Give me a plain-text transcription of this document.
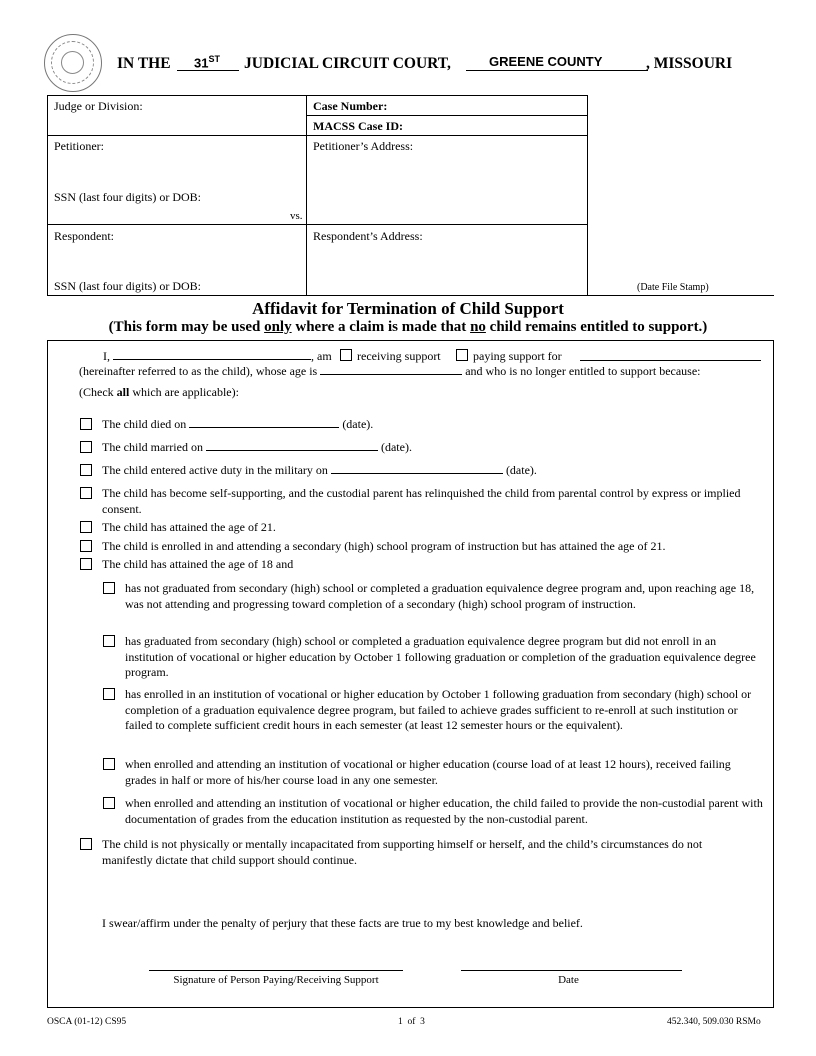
IN THE 31ST JUDICIAL CIRCUIT COURT,	GREENE COUNTY	, MISSOURI
Judge or Division:	Case Number:
MACSS Case ID:
Petitioner:	Petitioner’s Address:
SSN (last four digits) or DOB:
vs.
Respondent:	Respondent’s Address:
SSN (last four digits) or DOB:	(Date File Stamp)
Affidavit for Termination of Child Support
(This form may be used only where a claim is made that no child remains entitled to support.)
I,	, am receiving support	paying support for
(hereinafter referred to as the child), whose age is	and who is no longer entitled to support because:
(Check all which are applicable):
The child died on	(date).
The child married on	(date).
The child entered active duty in the military on	(date).
The child has become self-supporting, and the custodial parent has relinquished the child from parental control by express or implied consent.
The child has attained the age of 21.
The child is enrolled in and attending a secondary (high) school program of instruction but has attained the age of 21.
The child has attained the age of 18 and
has not graduated from secondary (high) school or completed a graduation equivalence degree program and, upon reaching age 18, was not attending and progressing toward completion of a secondary (high) school program of instruction.
has graduated from secondary (high) school or completed a graduation equivalence degree program but did not enroll in an institution of vocational or higher education by October 1 following graduation or completion of the graduation equivalence degree program.
has enrolled in an institution of vocational or higher education by October 1 following graduation from secondary (high) school or completion of a graduation equivalence degree program, but failed to achieve grades sufficient to re-enroll at such institution or failed to complete sufficient credit hours in each semester (at least 12 semester hours or the equivalent).
when enrolled and attending an institution of vocational or higher education (course load of at least 12 hours), received failing grades in half or more of his/her course load in any one semester.
when enrolled and attending an institution of vocational or higher education, the child failed to provide the non-custodial parent with documentation of grades from the education institution as requested by the non-custodial parent.
The child is not physically or mentally incapacitated from supporting himself or herself, and the child’s circumstances do not manifestly dictate that child support should continue.
I swear/affirm under the penalty of perjury that these facts are true to my best knowledge and belief.
Signature of Person Paying/Receiving Support	Date
OSCA (01-12) CS95	1 of 3	452.340, 509.030 RSMo
